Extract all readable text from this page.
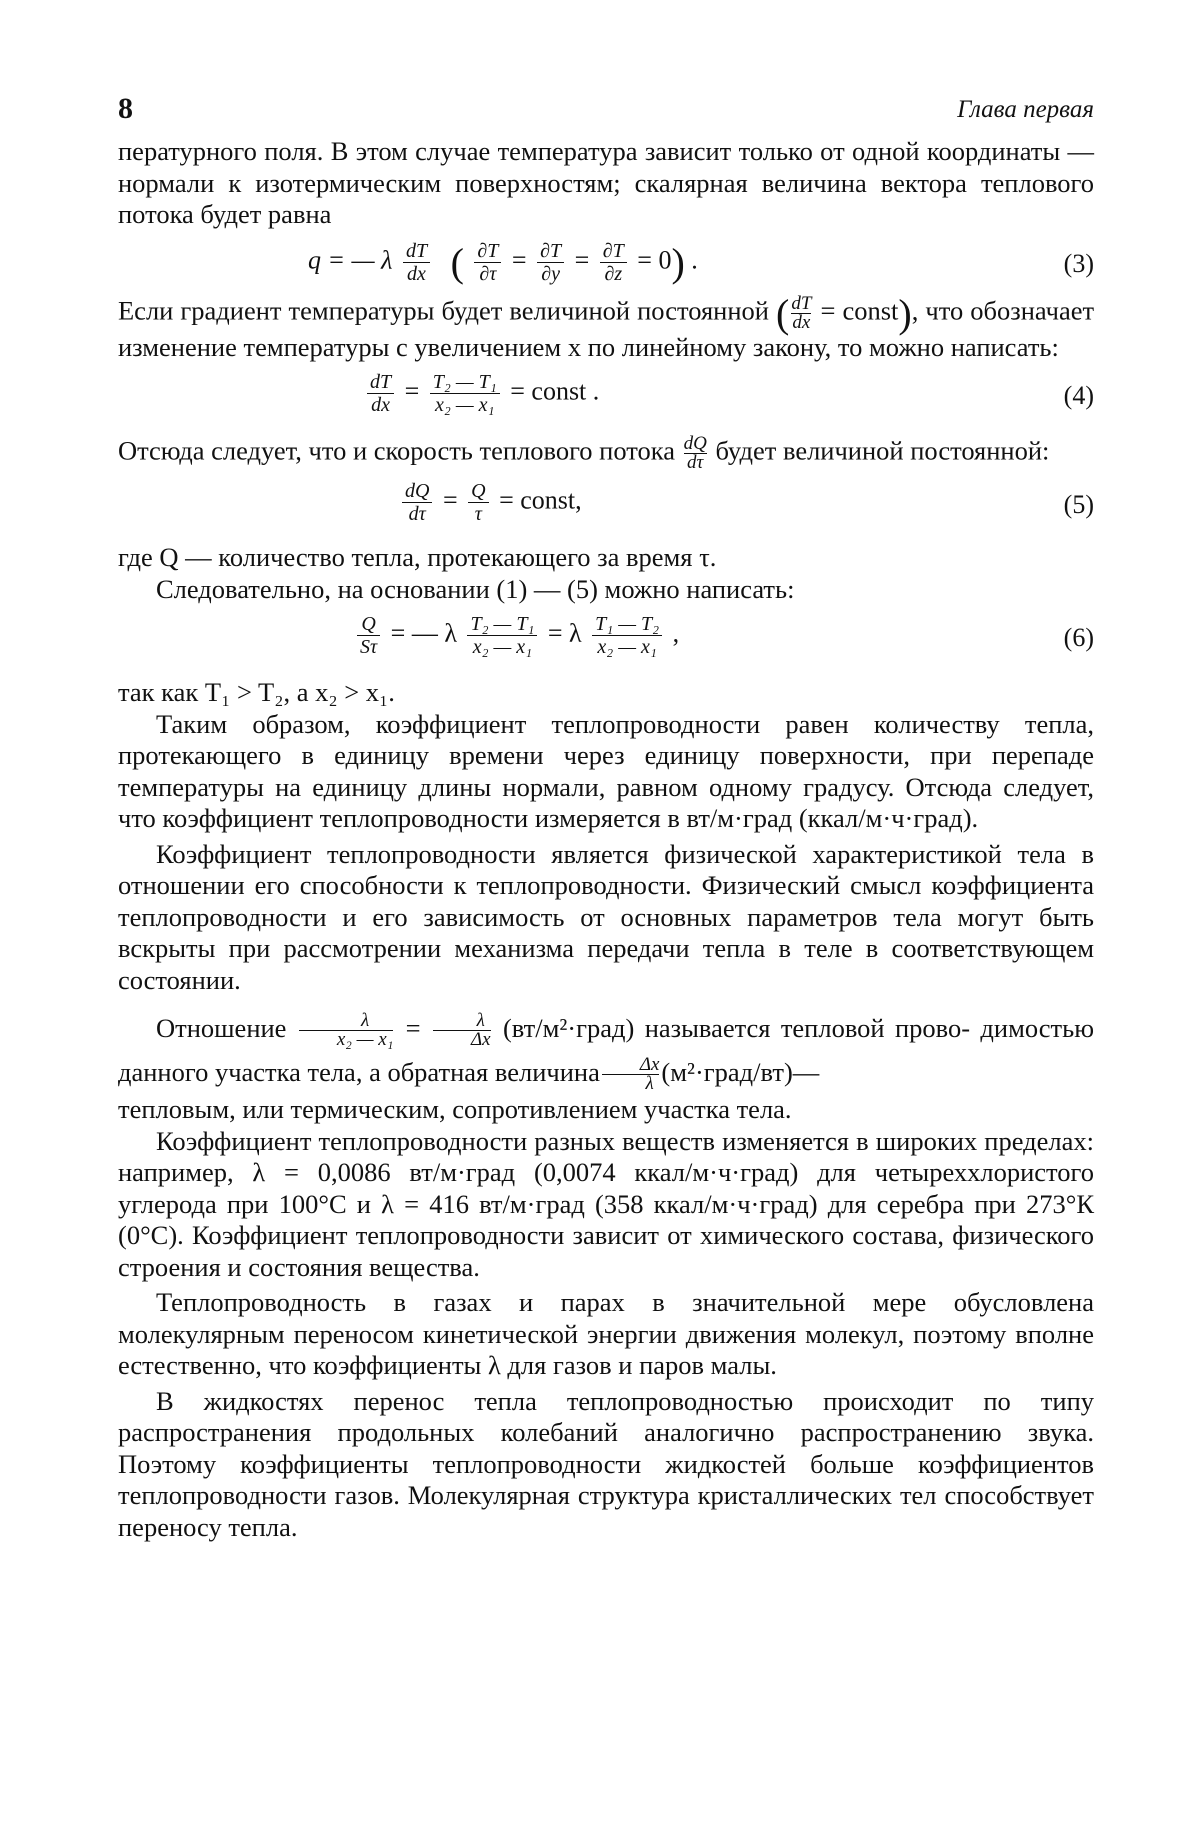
8	Глава первая

пературного поля. В этом случае температура зависит только от одной координаты — нормали к изотермическим поверхностям; скалярная величина вектора теплового потока будет равна

q = — λ $\frac{dT}{dx}$ ( $\frac{\partial T}{\partial\tau} = \frac{\partial T}{\partial y} = \frac{\partial T}{\partial z} = 0$) .	(3)

Если градиент температуры будет величиной постоянной ( $\frac{dT}{dx}$ = const), что обозначает изменение температуры с увеличением x по линейному закону, то можно написать:

$\frac{dT}{dx} = \frac{\text{T₂ — T₁}}{\text{x₂ — x₁}}$ = const .	(4)

Отсюда следует, что и скорость теплового потока $\frac{dQ}{d\tau}$ будет величиной постоянной:

$\frac{dQ}{d\tau} = \frac{Q}{\tau}$ = const,	(5)

где Q — количество тепла, протекающего за время τ.

Следовательно, на основании (1) — (5) можно написать:

$\frac{Q}{S\tau}$ = — λ $\frac{\text{T₂ — T₁}}{\text{x₂ — x₁}} = \lambda \frac{\text{T₁ — T₂}}{\text{x₂ — x₁}}$ ,	(6)

так как T₁ > T₂, а x₂ > x₁.

Таким образом, коэффициент теплопроводности равен количеству тепла, протекающего в единицу времени через единицу поверхности, при перепаде температуры на единицу длины нормали, равном одному градусу. Отсюда следует, что коэффициент теплопроводности измеряется в вт/м·град (ккал/м·ч·град).

Коэффициент теплопроводности является физической характеристикой тела в отношении его способности к теплопроводности. Физический смысл коэффициента теплопроводности и его зависимость от основных параметров тела могут быть вскрыты при рассмотрении механизма передачи тепла в теле в соответствующем состоянии.

Отношение $\frac{\lambda}{\text{x₂ — x₁}} = \frac{\lambda}{\Delta x}$ (вт/м²·град) называется тепловой прово- димостью данного участка тела, а обратная величина $\frac{\Delta x}{\lambda}$ (м²·град/вт)—

тепловым, или термическим, сопротивлением участка тела.

Коэффициент теплопроводности разных веществ изменяется в широких пределах: например, λ = 0,0086 вт/м·град (0,0074 ккал/м·ч·град) для четыреххлористого углерода при 100°С и λ = 416 вт/м·град (358 ккал/м·ч·град) для серебра при 273°К (0°С). Коэффициент теплопроводности зависит от химического состава, физического строения и состояния вещества.

Теплопроводность в газах и парах в значительной мере обусловлена молекулярным переносом кинетической энергии движения молекул, поэтому вполне естественно, что коэффициенты λ для газов и паров малы.

В жидкостях перенос тепла теплопроводностью происходит по типу распространения продольных колебаний аналогично распространению звука. Поэтому коэффициенты теплопроводности жидкостей больше коэффициентов теплопроводности газов. Молекулярная структура кристаллических тел способствует переносу тепла.
